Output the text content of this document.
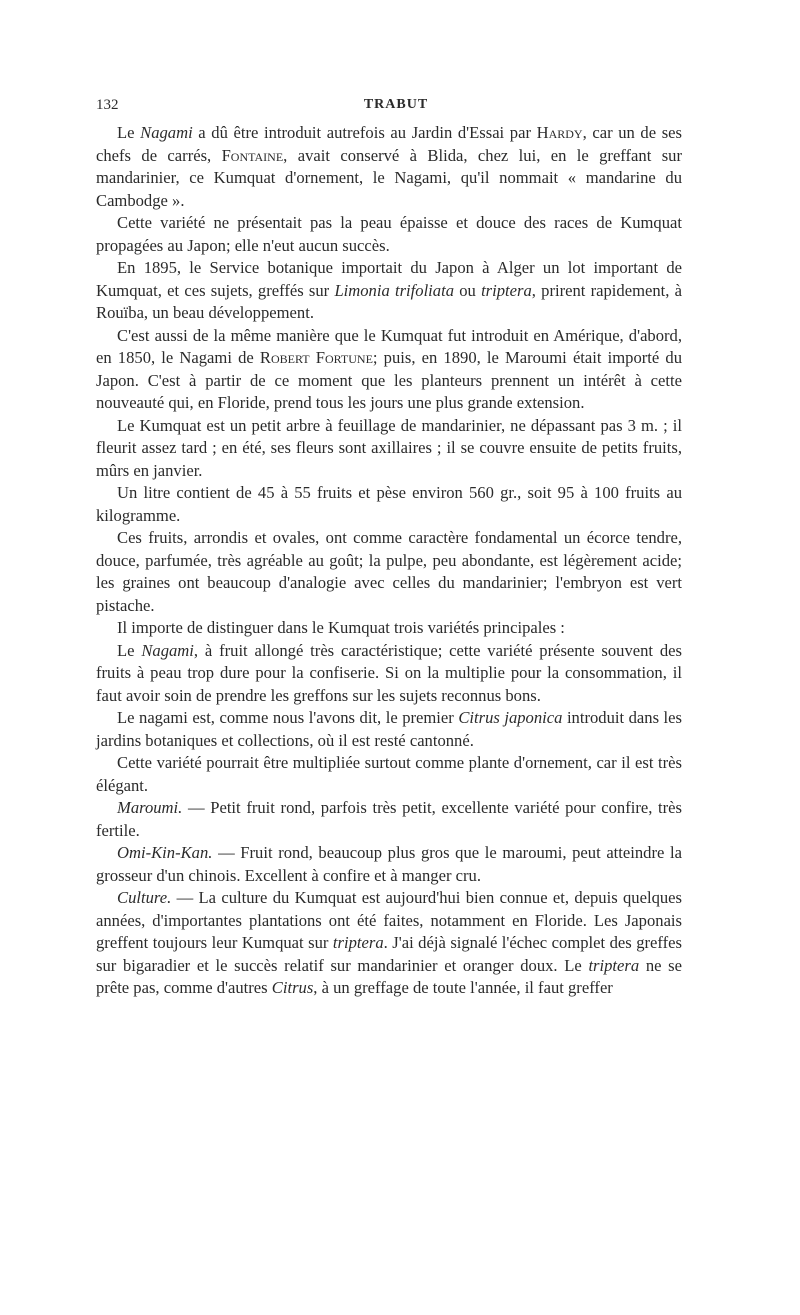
132	TRABUT

Le Nagami a dû être introduit autrefois au Jardin d'Essai par Hardy, car un de ses chefs de carrés, Fontaine, avait conservé à Blida, chez lui, en le greffant sur mandarinier, ce Kumquat d'ornement, le Nagami, qu'il nommait « mandarine du Cambodge ».

Cette variété ne présentait pas la peau épaisse et douce des races de Kumquat propagées au Japon; elle n'eut aucun succès.

En 1895, le Service botanique importait du Japon à Alger un lot important de Kumquat, et ces sujets, greffés sur Limonia trifoliata ou triptera, prirent rapidement, à Rouïba, un beau développement.

C'est aussi de la même manière que le Kumquat fut introduit en Amérique, d'abord, en 1850, le Nagami de Robert Fortune; puis, en 1890, le Maroumi était importé du Japon. C'est à partir de ce moment que les planteurs prennent un intérêt à cette nouveauté qui, en Floride, prend tous les jours une plus grande extension.

Le Kumquat est un petit arbre à feuillage de mandarinier, ne dépassant pas 3 m. ; il fleurit assez tard ; en été, ses fleurs sont axillaires ; il se couvre ensuite de petits fruits, mûrs en janvier.

Un litre contient de 45 à 55 fruits et pèse environ 560 gr., soit 95 à 100 fruits au kilogramme.

Ces fruits, arrondis et ovales, ont comme caractère fondamental un écorce tendre, douce, parfumée, très agréable au goût; la pulpe, peu abondante, est légèrement acide; les graines ont beaucoup d'analogie avec celles du mandarinier; l'embryon est vert pistache.

Il importe de distinguer dans le Kumquat trois variétés principales :

Le Nagami, à fruit allongé très caractéristique; cette variété présente souvent des fruits à peau trop dure pour la confiserie. Si on la multiplie pour la consommation, il faut avoir soin de prendre les greffons sur les sujets reconnus bons.

Le nagami est, comme nous l'avons dit, le premier Citrus japonica introduit dans les jardins botaniques et collections, où il est resté cantonné.

Cette variété pourrait être multipliée surtout comme plante d'ornement, car il est très élégant.

Maroumi. — Petit fruit rond, parfois très petit, excellente variété pour confire, très fertile.

Omi-Kin-Kan. — Fruit rond, beaucoup plus gros que le maroumi, peut atteindre la grosseur d'un chinois. Excellent à confire et à manger cru.

Culture. — La culture du Kumquat est aujourd'hui bien connue et, depuis quelques années, d'importantes plantations ont été faites, notamment en Floride. Les Japonais greffent toujours leur Kumquat sur triptera. J'ai déjà signalé l'échec complet des greffes sur bigaradier et le succès relatif sur mandarinier et oranger doux. Le triptera ne se prête pas, comme d'autres Citrus, à un greffage de toute l'année, il faut greffer
